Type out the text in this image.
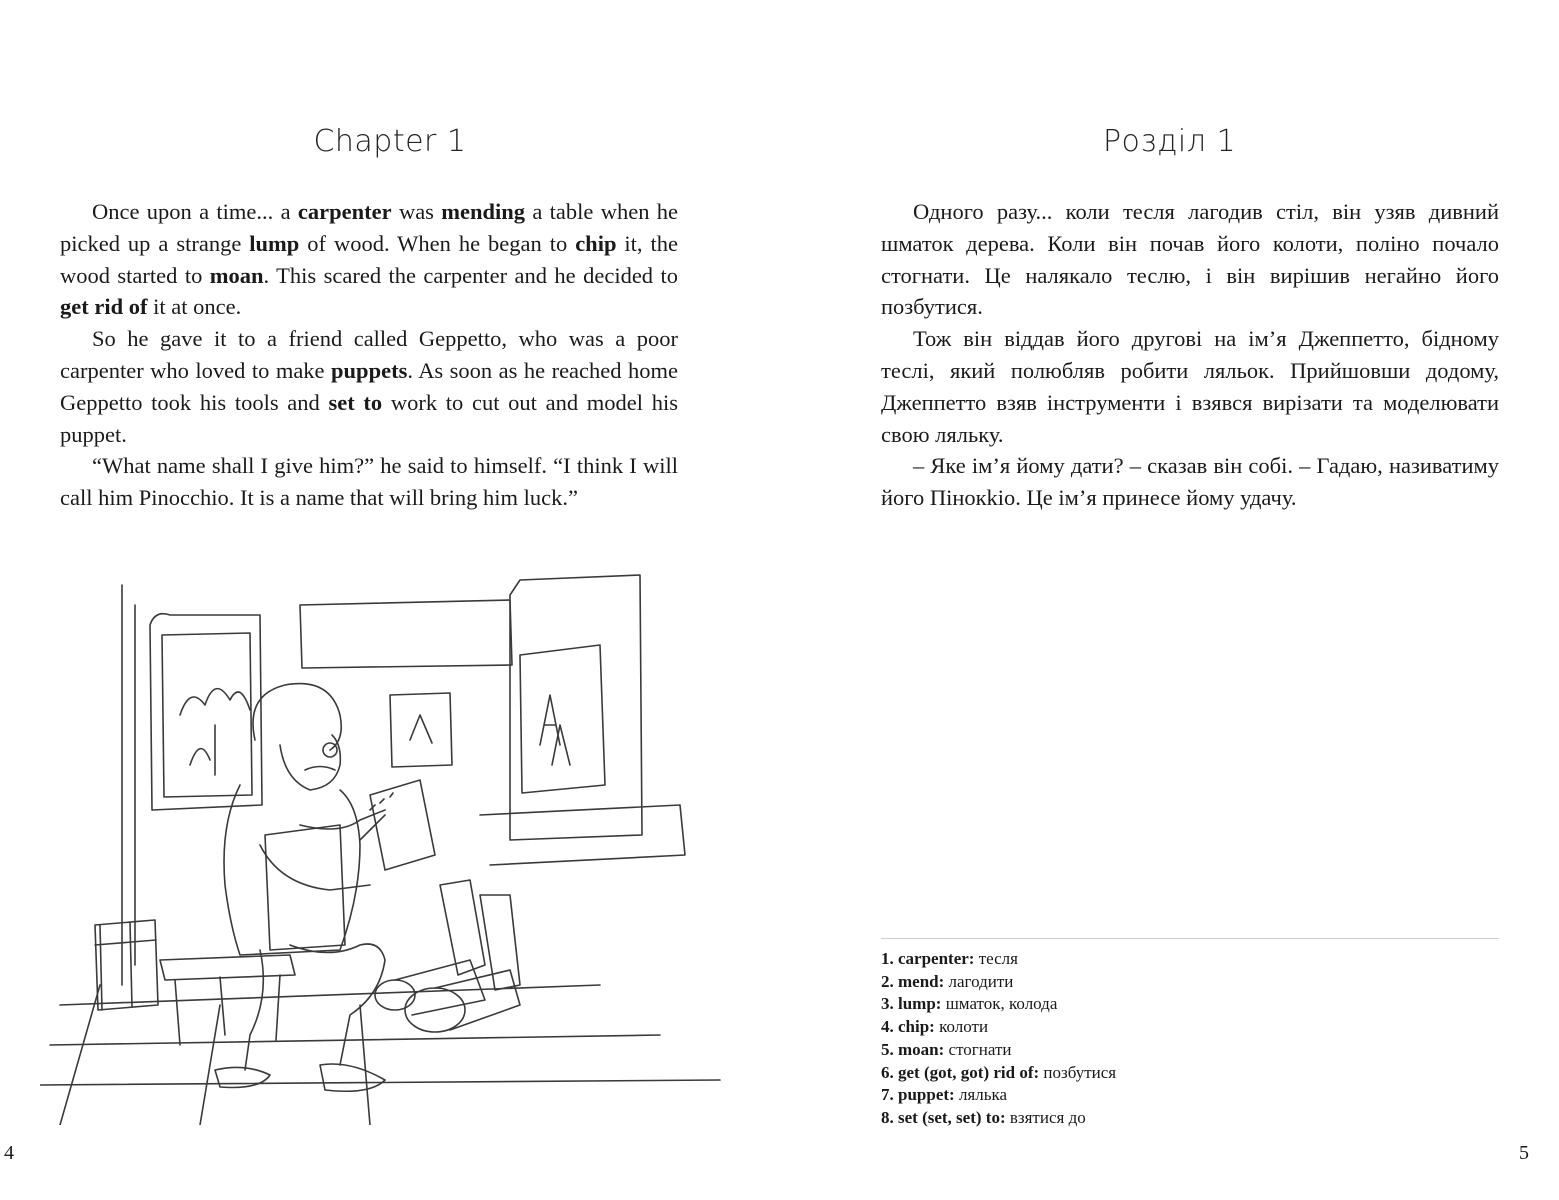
Chapter 1

Once upon a time... a carpenter was mending a table when he picked up a strange lump of wood. When he began to chip it, the wood started to moan. This scared the carpenter and he decided to get rid of it at once.

So he gave it to a friend called Geppetto, who was a poor carpenter who loved to make puppets. As soon as he reached home Geppetto took his tools and set to work to cut out and model his puppet.

“What name shall I give him?” he said to himself. “I think I will call him Pinocchio. It is a name that will bring him luck.”

4
Розділ 1

Одного разу... коли тесля лагодив стіл, він узяв дивний шматок дерева. Коли він почав його колоти, поліно почало стогнати. Це налякало теслю, і він вирішив негайно його позбутися.

Тож він віддав його другові на ім’я Джеппетто, бідному теслі, який полюбляв робити ляльок. Прийшовши додому, Джеппетто взяв інструменти і взявся вирізати та моделювати свою ляльку.

– Яке ім’я йому дати? – сказав він собі. – Гадаю, називатиму його Пінокkio. Це ім’я принесе йому удачу.

1. carpenter: тесля
2. mend: лагодити
3. lump: шматок, колода
4. chip: колоти
5. moan: стогнати
6. get (got, got) rid of: позбутися
7. puppet: лялька
8. set (set, set) to: взятися до
5
